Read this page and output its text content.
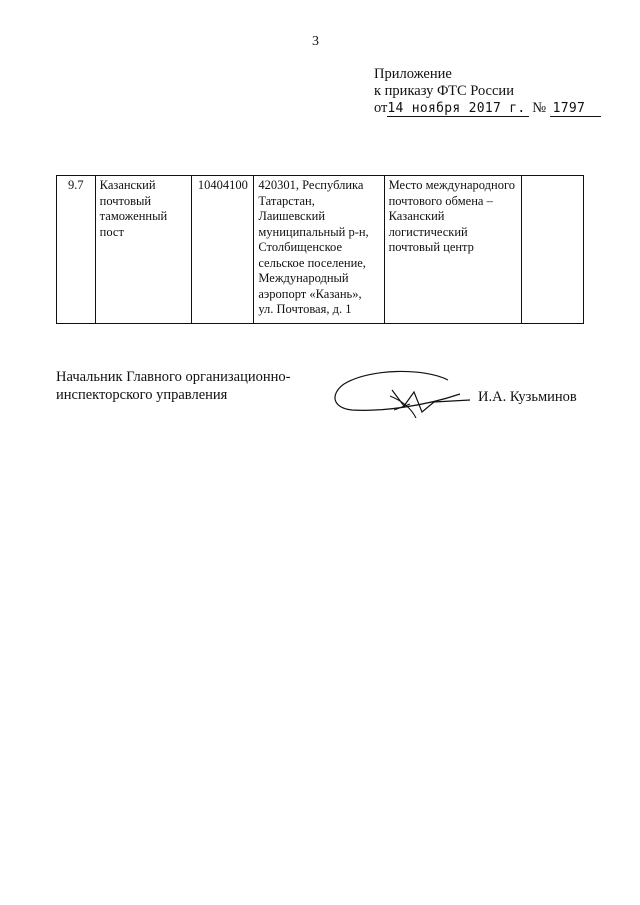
3
Приложение
к приказу ФТС России
от14 ноября 2017 г. № 1797
9.7	Казанский почтовый таможенный пост	10404100	420301, Республика Татарстан, Лаишевский муниципальный р-н, Столбищенское сельское поселение, Международный аэропорт «Казань», ул. Почтовая, д. 1	Место международного почтового обмена – Казанский логистический почтовый центр	
Начальник Главного организационно-
инспекторского управления	И.А. Кузьминов
